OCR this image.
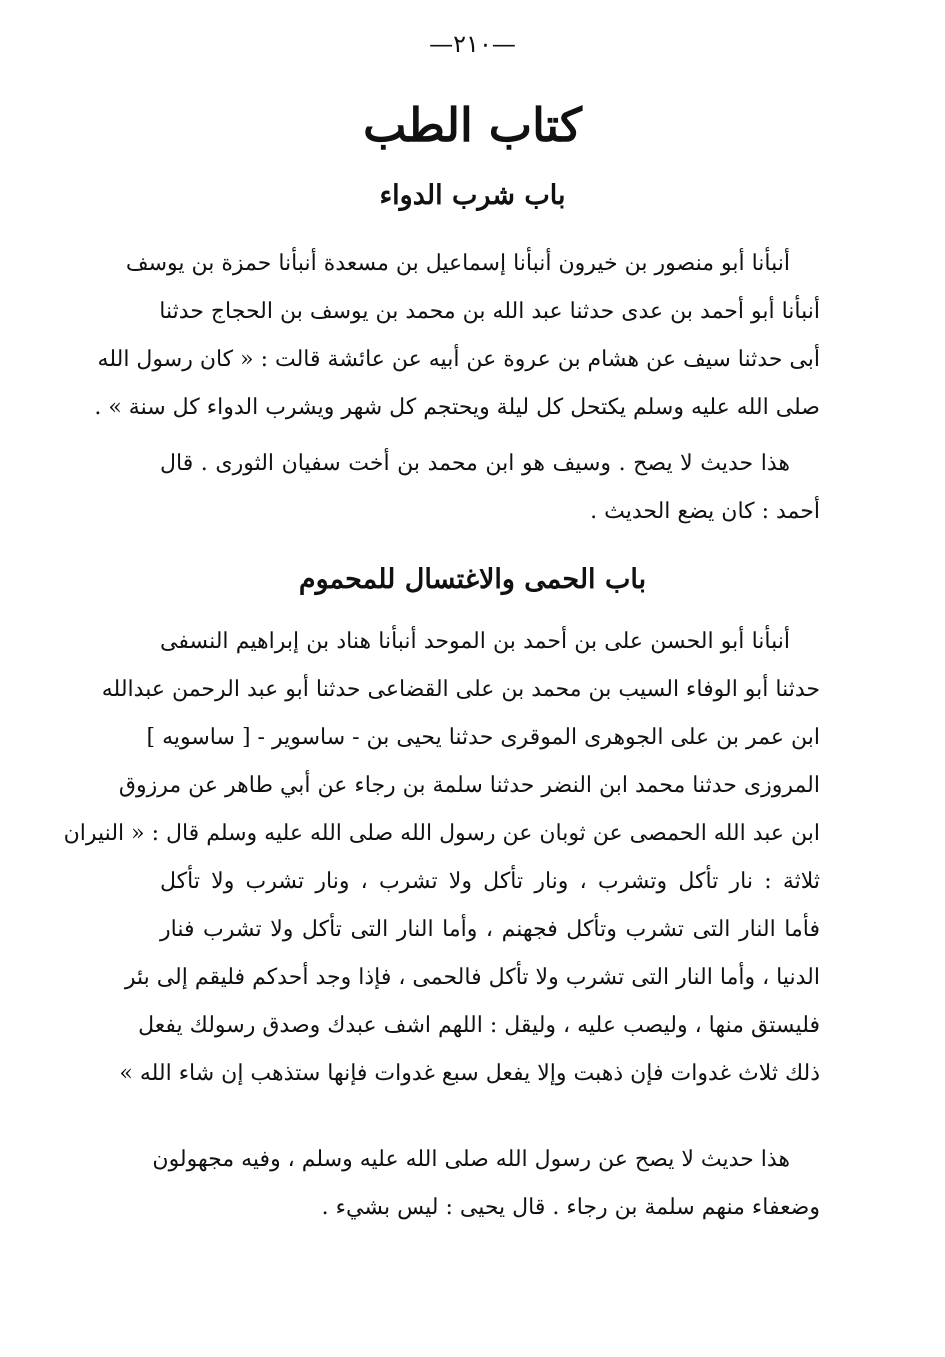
—٢١٠—
كتاب الطب
باب شرب الدواء
أنبأنا أبو منصور بن خيرون أنبأنا إسماعيل بن مسعدة أنبأنا حمزة بن يوسف
أنبأنا أبو أحمد بن عدى حدثنا عبد الله بن محمد بن يوسف بن الحجاج حدثنا
أبى حدثنا سيف عن هشام بن عروة عن أبيه عن عائشة قالت : « كان رسول الله
صلى الله عليه وسلم يكتحل كل ليلة ويحتجم كل شهر ويشرب الدواء كل سنة » .
هذا حديث لا يصح . وسيف هو ابن محمد بن أخت سفيان الثورى . قال
أحمد : كان يضع الحديث .
باب الحمى والاغتسال للمحموم
أنبأنا أبو الحسن على بن أحمد بن الموحد أنبأنا هناد بن إبراهيم النسفى
حدثنا أبو الوفاء السيب بن محمد بن على القضاعى حدثنا أبو عبد الرحمن عبدالله
ابن عمر بن على الجوهرى الموقرى حدثنا يحيى بن - ساسوير - [ ساسويه ]
المروزى حدثنا محمد ابن النضر حدثنا سلمة بن رجاء عن أبي طاهر عن مرزوق
ابن عبد الله الحمصى عن ثوبان عن رسول الله صلى الله عليه وسلم قال : « النيران
ثلاثة : نار تأكل وتشرب ، ونار تأكل ولا تشرب ، ونار تشرب ولا تأكل
فأما النار التى تشرب وتأكل فجهنم ، وأما النار التى تأكل ولا تشرب فنار
الدنيا ، وأما النار التى تشرب ولا تأكل فالحمى ، فإذا وجد أحدكم فليقم إلى بئر
فليستق منها ، وليصب عليه ، وليقل : اللهم اشف عبدك وصدق رسولك يفعل
ذلك ثلاث غدوات فإن ذهبت وإلا يفعل سبع غدوات فإنها ستذهب إن شاء الله »
هذا حديث لا يصح عن رسول الله صلى الله عليه وسلم ، وفيه مجهولون
وضعفاء منهم سلمة بن رجاء . قال يحيى : ليس بشيء .
